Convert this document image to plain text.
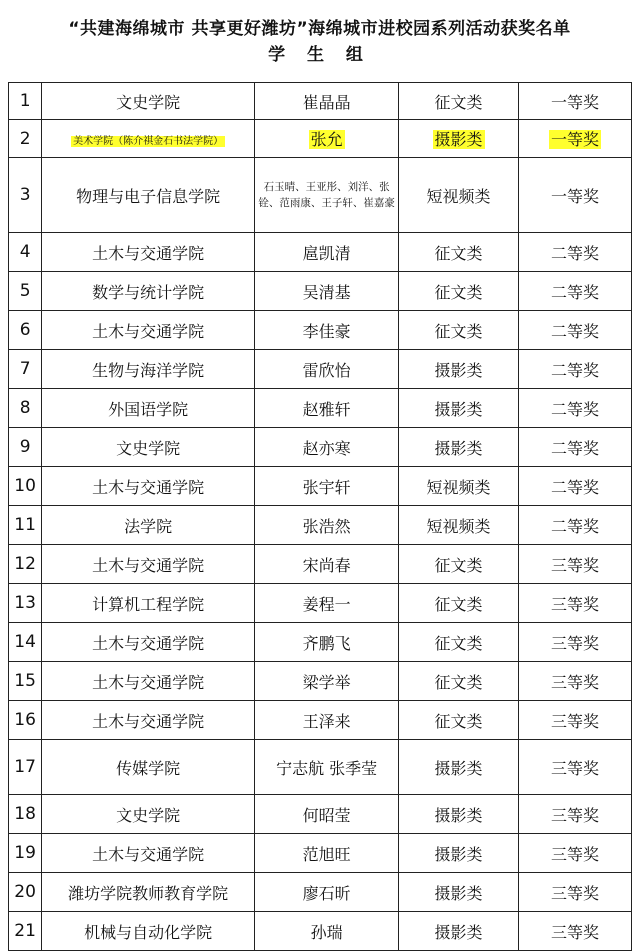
“共建海绵城市 共享更好潍坊”海绵城市进校园系列活动获奖名单
学 生 组
1	文史学院	崔晶晶	征文类	一等奖
2	美术学院（陈介祺金石书法学院）	张允	摄影类	一等奖
3	物理与电子信息学院	石玉晴、王亚彤、刘洋、张铨、范雨康、王子轩、崔嘉豪	短视频类	一等奖
4	土木与交通学院	扈凯清	征文类	二等奖
5	数学与统计学院	吴清基	征文类	二等奖
6	土木与交通学院	李佳豪	征文类	二等奖
7	生物与海洋学院	雷欣怡	摄影类	二等奖
8	外国语学院	赵雅轩	摄影类	二等奖
9	文史学院	赵亦寒	摄影类	二等奖
10	土木与交通学院	张宇轩	短视频类	二等奖
11	法学院	张浩然	短视频类	二等奖
12	土木与交通学院	宋尚春	征文类	三等奖
13	计算机工程学院	姜程一	征文类	三等奖
14	土木与交通学院	齐鹏飞	征文类	三等奖
15	土木与交通学院	梁学举	征文类	三等奖
16	土木与交通学院	王泽来	征文类	三等奖
17	传媒学院	宁志航 张季莹	摄影类	三等奖
18	文史学院	何昭莹	摄影类	三等奖
19	土木与交通学院	范旭旺	摄影类	三等奖
20	潍坊学院教师教育学院	廖石昕	摄影类	三等奖
21	机械与自动化学院	孙瑞	摄影类	三等奖
